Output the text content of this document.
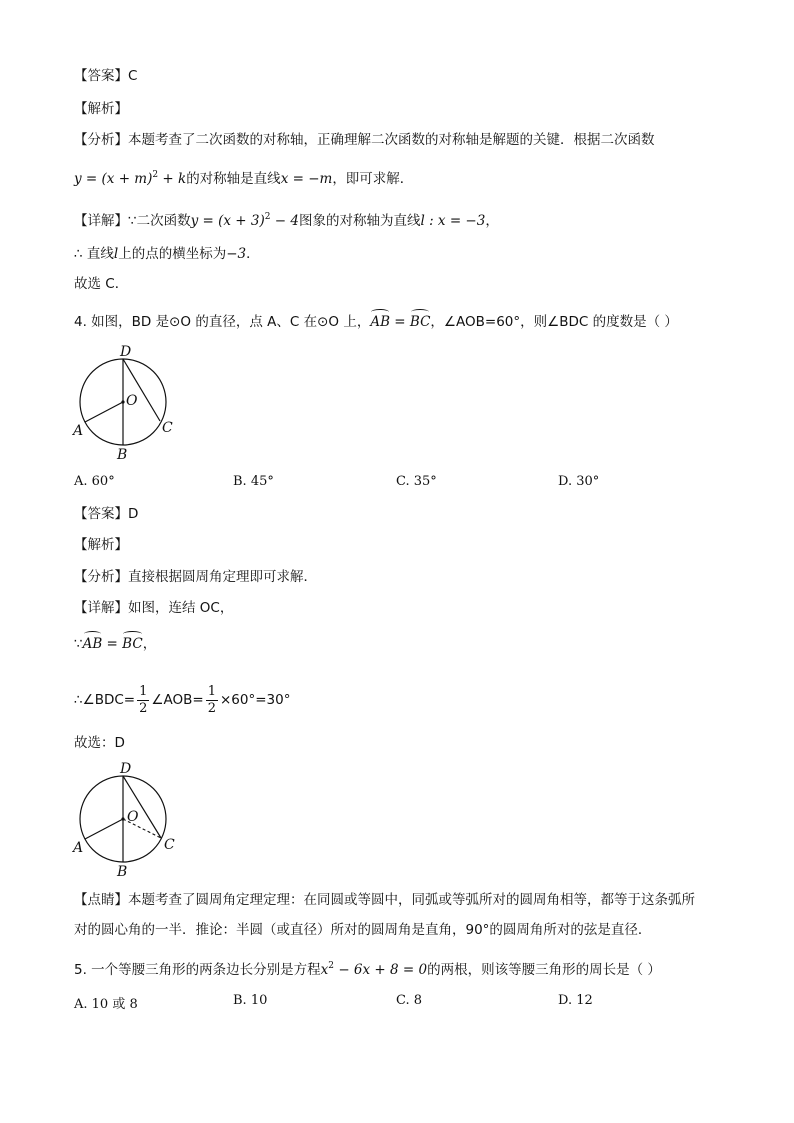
【答案】C
【解析】
【分析】本题考查了二次函数的对称轴，正确理解二次函数的对称轴是解题的关键．根据二次函数
$y = (x + m)^2 + k$的对称轴是直线x = −m，即可求解．
【详解】∵二次函数$y = (x + 3)^2 - 4$图象的对称轴为直线l : x = −3，
∴ 直线l上的点的横坐标为−3．
故选 C．
4. 如图，BD 是⊙O 的直径，点 A、C 在⊙O 上，AB = BC，∠AOB=60°，则∠BDC 的度数是（ ）
D
O
A
B
C
A. 60°	B. 45°	C. 35°	D. 30°
【答案】D
【解析】
【分析】直接根据圆周角定理即可求解．
【详解】如图，连结 OC，
∵AB = BC，
∴∠BDC= $\frac{1}{2}$ ∠AOB= $\frac{1}{2} \times 60^\circ=30^\circ$
故选：D
D
O
A
B
C
【点睛】本题考查了圆周角定理定理：在同圆或等圆中，同弧或等弧所对的圆周角相等，都等于这条弧所
对的圆心角的一半．推论：半圆（或直径）所对的圆周角是直角，90°的圆周角所对的弦是直径．
5. 一个等腰三角形的两条边长分别是方程$x^2 - 6x + 8 = 0$的两根，则该等腰三角形的周长是（ ）
A. 10 或 8	B. 10	C. 8	D. 12
